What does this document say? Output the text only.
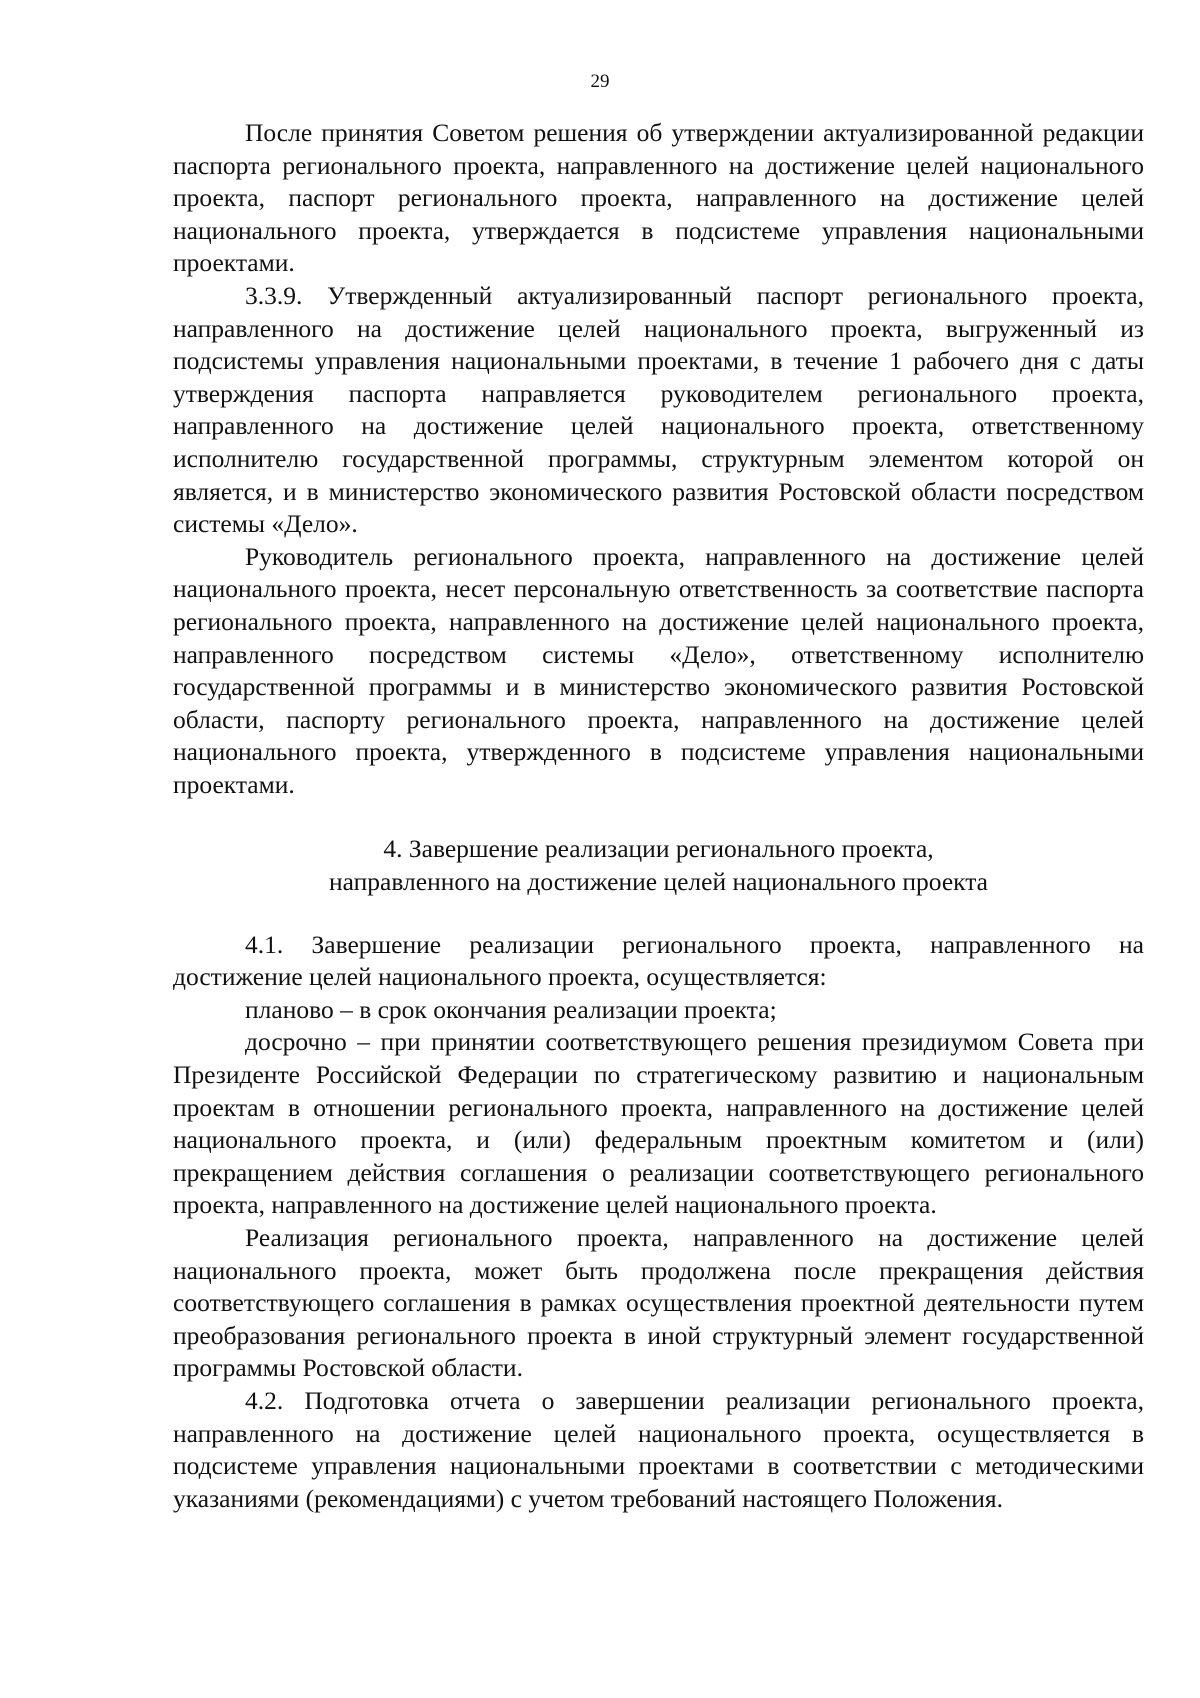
29

После принятия Советом решения об утверждении актуализированной редакции паспорта регионального проекта, направленного на достижение целей национального проекта, паспорт регионального проекта, направленного на достижение целей национального проекта, утверждается в подсистеме управления национальными проектами.

3.3.9. Утвержденный актуализированный паспорт регионального проекта, направленного на достижение целей национального проекта, выгруженный из подсистемы управления национальными проектами, в течение 1 рабочего дня с даты утверждения паспорта направляется руководителем регионального проекта, направленного на достижение целей национального проекта, ответственному исполнителю государственной программы, структурным элементом которой он является, и в министерство экономического развития Ростовской области посредством системы «Дело».

Руководитель регионального проекта, направленного на достижение целей национального проекта, несет персональную ответственность за соответствие паспорта регионального проекта, направленного на достижение целей национального проекта, направленного посредством системы «Дело», ответственному исполнителю государственной программы и в министерство экономического развития Ростовской области, паспорту регионального проекта, направленного на достижение целей национального проекта, утвержденного в подсистеме управления национальными проектами.

4. Завершение реализации регионального проекта,
направленного на достижение целей национального проекта

4.1. Завершение реализации регионального проекта, направленного на достижение целей национального проекта, осуществляется:

планово – в срок окончания реализации проекта;

досрочно – при принятии соответствующего решения президиумом Совета при Президенте Российской Федерации по стратегическому развитию и национальным проектам в отношении регионального проекта, направленного на достижение целей национального проекта, и (или) федеральным проектным комитетом и (или) прекращением действия соглашения о реализации соответствующего регионального проекта, направленного на достижение целей национального проекта.

Реализация регионального проекта, направленного на достижение целей национального проекта, может быть продолжена после прекращения действия соответствующего соглашения в рамках осуществления проектной деятельности путем преобразования регионального проекта в иной структурный элемент государственной программы Ростовской области.

4.2. Подготовка отчета о завершении реализации регионального проекта, направленного на достижение целей национального проекта, осуществляется в подсистеме управления национальными проектами в соответствии с методическими указаниями (рекомендациями) с учетом требований настоящего Положения.
